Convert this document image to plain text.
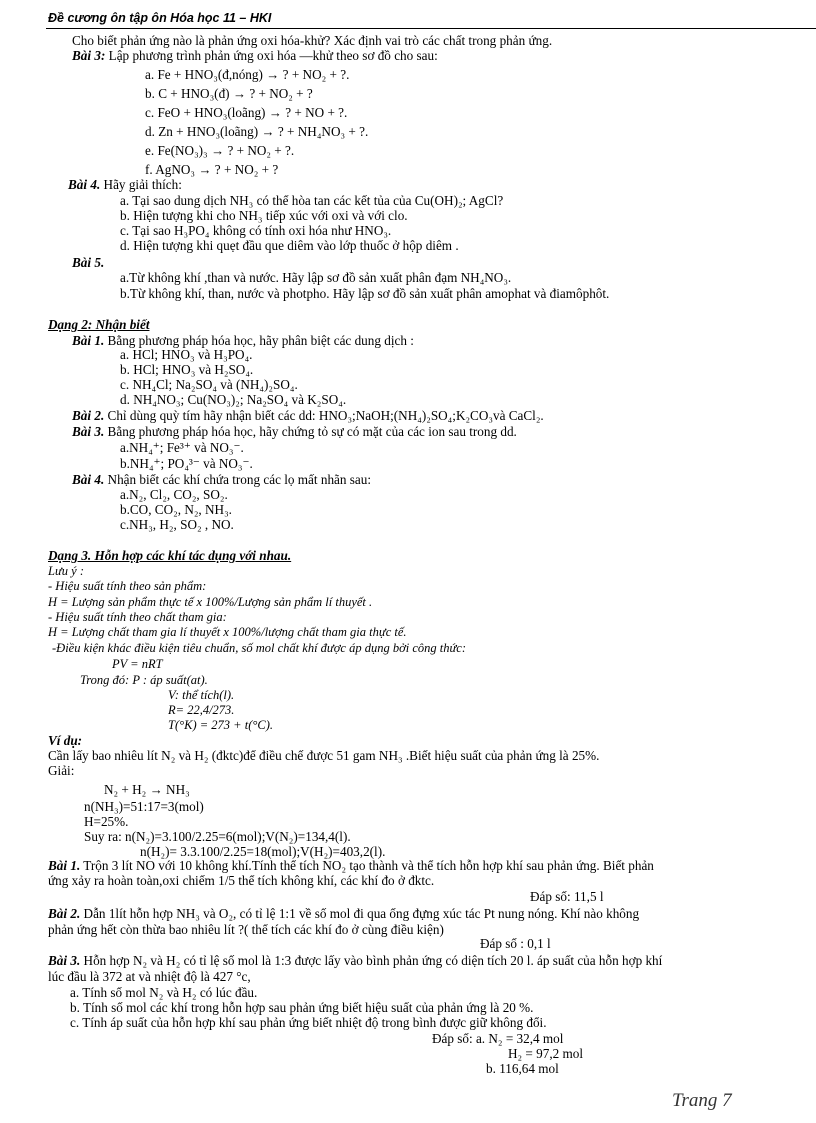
Đề cương ôn tập ôn Hóa học 11 – HKI
Cho biết phản ứng nào là phản ứng oxi hóa-khử? Xác định vai trò các chất trong phản ứng.
Bài 3: Lập phương trình phản ứng oxi hóa —khử theo sơ đồ cho sau:
a. Fe + HNO₃(đ,nóng) → ? + NO₂ + ?.
b. C + HNO₃(đ) → ? + NO₂ + ?
c. FeO + HNO₃(loãng) → ? + NO + ?.
d. Zn + HNO₃(loãng) → ? + NH₄NO₃ + ?.
e. Fe(NO₃)₃ → ? + NO₂ + ?.
f. AgNO₃ → ? + NO₂ + ?
Bài 4. Hãy giải thích:
a. Tại sao dung dịch NH₃ có thể hòa tan các kết tủa của Cu(OH)₂; AgCl?
b. Hiện tượng khi cho NH₃ tiếp xúc với oxi và với clo.
c. Tại sao H₃PO₄ không có tính oxi hóa như HNO₃.
d. Hiện tượng khi quẹt đầu que diêm vào lớp thuốc ở hộp diêm .
Bài 5.
a.Từ không khí ,than và nước. Hãy lập sơ đồ sản xuất phân đạm NH₄NO₃.
b.Từ không khí, than, nước và photpho. Hãy lập sơ đồ sản xuất phân amophat và điamôphôt.
Dạng 2: Nhận biết
Bài 1. Bằng phương pháp hóa học, hãy phân biệt các dung dịch :
a. HCl; HNO₃ và H₃PO₄.
b. HCl; HNO₃ và H₂SO₄.
c. NH₄Cl; Na₂SO₄ và (NH₄)₂SO₄.
d. NH₄NO₃; Cu(NO₃)₂; Na₂SO₄ và K₂SO₄.
Bài 2. Chỉ dùng quỳ tím hãy nhận biết các dd: HNO₃;NaOH;(NH₄)₂SO₄;K₂CO₃và CaCl₂.
Bài 3. Bằng phương pháp hóa học, hãy chứng tỏ sự có mặt của các ion sau trong dd.
a.NH₄⁺; Fe³⁺ và NO₃⁻.
b.NH₄⁺; PO₄³⁻ và NO₃⁻.
Bài 4. Nhận biết các khí chứa trong các lọ mất nhãn sau:
a.N₂, Cl₂, CO₂, SO₂.
b.CO, CO₂, N₂, NH₃.
c.NH₃, H₂, SO₂ , NO.
Dạng 3. Hỗn hợp các khí tác dụng với nhau.
Lưu ý :
- Hiệu suất tính theo sản phẩm:
H = Lượng sản phẩm thực tế x 100%/Lượng sản phẩm lí thuyết .
- Hiệu suất tính theo chất tham gia:
H = Lượng chất tham gia lí thuyết x 100%/lượng chất tham gia thực tế.
-Điều kiện khác điều kiện tiêu chuẩn, số mol chất khí được áp dụng bởi công thức:
PV = nRT
Trong đó: P : áp suất(at).
V: thể tích(l).
R= 22,4/273.
T(°K) = 273 + t(°C).
Ví dụ:
Cần lấy bao nhiêu lít N₂ và H₂ (đktc)để điều chế được 51 gam NH₃ .Biết hiệu suất của phản ứng là 25%.
Giải:
N₂ + H₂ → NH₃
n(NH₃)=51:17=3(mol)
H=25%.
Suy ra: n(N₂)=3.100/2.25=6(mol);V(N₂)=134,4(l).
n(H₂)= 3.3.100/2.25=18(mol);V(H₂)=403,2(l).
Bài 1. Trộn 3 lít NO với 10 không khí.Tính thể tích NO₂ tạo thành và thể tích hỗn hợp khí sau phản ứng. Biết phản
ứng xảy ra hoàn toàn,oxi chiếm 1/5 thể tích không khí, các khí đo ở đktc.
Đáp số: 11,5 l
Bài 2. Dẫn 1lít hỗn hợp NH₃ và O₂, có tỉ lệ 1:1 về số mol đi qua ống đựng xúc tác Pt nung nóng. Khí nào không
phản ứng hết còn thừa bao nhiêu lít ?( thể tích các khí đo ở cùng điều kiện)
Đáp số : 0,1 l
Bài 3. Hỗn hợp N₂ và H₂ có tỉ lệ số mol là 1:3 được lấy vào bình phản ứng có diện tích 20 l. áp suất của hỗn hợp khí
lúc đầu là 372 at và nhiệt độ là 427 °c,
a. Tính số mol N₂ và H₂ có lúc đầu.
b. Tính số mol các khí trong hỗn hợp sau phản ứng biết hiệu suất của phản ứng là 20 %.
c. Tính áp suất của hỗn hợp khí sau phản ứng biết nhiệt độ trong bình được giữ không đổi.
Đáp số: a. N₂ = 32,4 mol
H₂ = 97,2 mol
b. 116,64 mol
Trang 7
